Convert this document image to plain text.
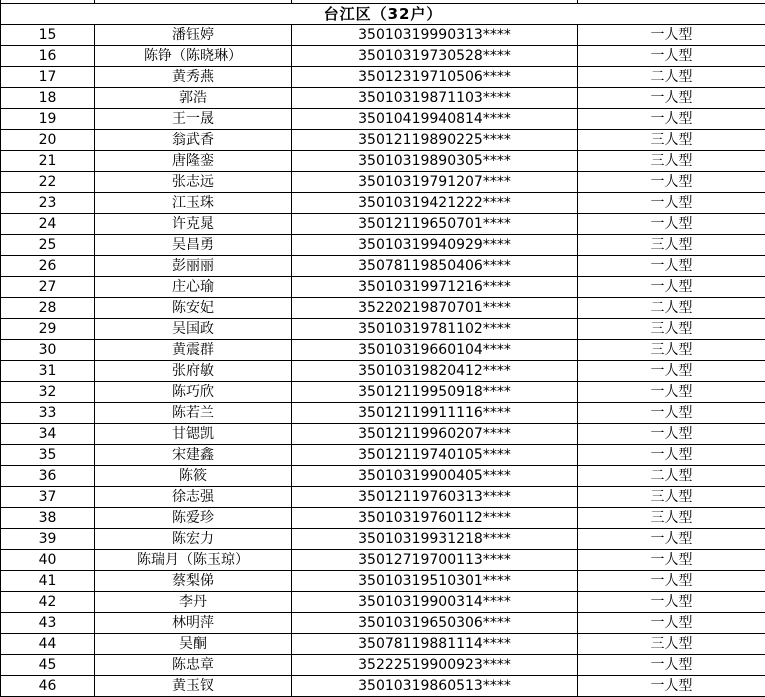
台江区（32户）			
15	潘钰婷	35010319990313****	一人型
16	陈铮（陈晓琳）	35010319730528****	一人型
17	黄秀燕	35012319710506****	二人型
18	郭浩	35010319871103****	一人型
19	王一晟	35010419940814****	一人型
20	翁武香	35012119890225****	三人型
21	唐隆銮	35010319890305****	三人型
22	张志远	35010319791207****	一人型
23	江玉珠	35010319421222****	一人型
24	许克晁	35012119650701****	一人型
25	吴昌勇	35010319940929****	三人型
26	彭丽丽	35078119850406****	一人型
27	庄心瑜	35010319971216****	一人型
28	陈安妃	35220219870701****	二人型
29	吴国政	35010319781102****	三人型
30	黄震群	35010319660104****	三人型
31	张府敏	35010319820412****	一人型
32	陈巧欣	35012119950918****	一人型
33	陈若兰	35012119911116****	一人型
34	甘锶凯	35012119960207****	一人型
35	宋建鑫	35012119740105****	一人型
36	陈筱	35010319900405****	二人型
37	徐志强	35012119760313****	三人型
38	陈爱珍	35010319760112****	三人型
39	陈宏力	35010319931218****	一人型
40	陈瑞月（陈玉琼）	35012719700113****	一人型
41	蔡梨俤	35010319510301****	一人型
42	李丹	35010319900314****	一人型
43	林明萍	35010319650306****	一人型
44	吴酮	35078119881114****	三人型
45	陈忠章	35222519900923****	一人型
46	黄玉钗	35010319860513****	一人型
